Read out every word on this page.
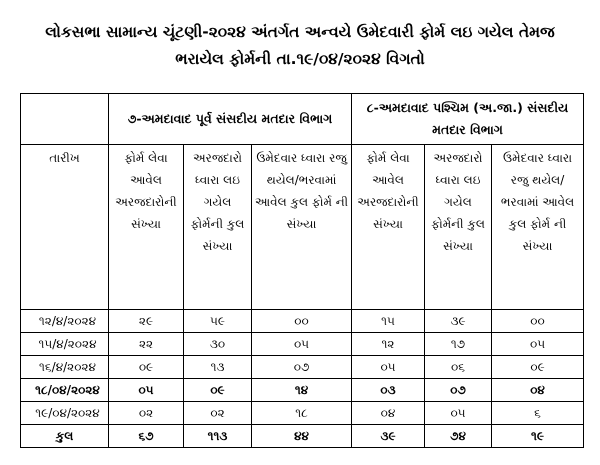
લોકસભા સામાન્ય ચૂંટણી-૨૦૨૪ અંતર્ગત અન્વયે ઉમેદવારી ફોર્મ લઇ ગયેલ તેમજ
ભરાયેલ ફોર્મની તા.૧૯/૦૪/૨૦૨૪ વિગતો
	૭-અમદાવાદ પૂર્વ સંસદીય મતદાર વિભાગ			૮-અમદાવાદ પશ્ચિમ (અ.જા.) સંસદીય મતદાર વિભાગ		
તારીખ	ફોર્મ લેવા આવેલ અરજદારોની સંખ્યા	અરજદારો ધ્વારા લઇ ગયેલ ફોર્મની કુલ સંખ્યા	ઉમેદવાર ધ્વારા રજુ થયેલ/ભરવામાં આવેલ કુલ ફોર્મ ની સંખ્યા	ફોર્મ લેવા આવેલ અરજદારોની સંખ્યા	અરજદારો ધ્વારા લઇ ગયેલ ફોર્મની કુલ સંખ્યા	ઉમેદવાર ધ્વારા રજુ થયેલ/ભરવામાં આવેલ કુલ ફોર્મ ની સંખ્યા
૧૨/૪/૨૦૨૪	૨૯	૫૯	૦૦	૧૫	૩૯	૦૦
૧૫/૪/૨૦૨૪	૨૨	૩૦	૦૫	૧૨	૧૭	૦૫
૧૬/૪/૨૦૨૪	૦૯	૧૩	૦૭	૦૫	૦૬	૦૯
૧૮/૦૪/૨૦૨૪	૦૫	૦૯	૧૪	૦૩	૦૭	૦૪
૧૯/૦૪/૨૦૨૪	૦૨	૦૨	૧૮	૦૪	૦૫	૬
કુલ	૬૭	૧૧૩	૪૪	૩૯	૭૪	૧૯
